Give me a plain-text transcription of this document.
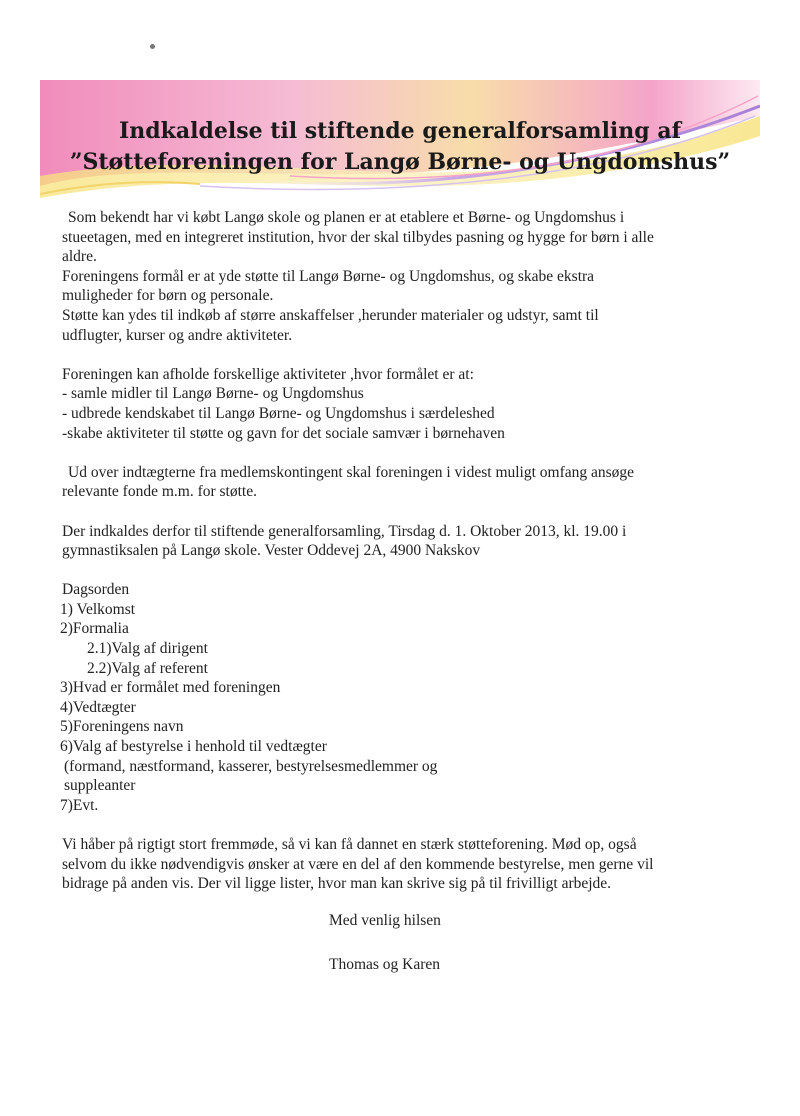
Indkaldelse til stiftende generalforsamling af
”Støtteforeningen for Langø Børne- og Ungdomshus”
Som bekendt har vi købt Langø skole og planen er at etablere et Børne- og Ungdomshus i
stueetagen, med en integreret institution, hvor der skal tilbydes pasning og hygge for børn i alle
aldre.
Foreningens formål er at yde støtte til Langø Børne- og Ungdomshus, og skabe ekstra
muligheder for børn og personale.
Støtte kan ydes til indkøb af større anskaffelser ,herunder materialer og udstyr, samt til
udflugter, kurser og andre aktiviteter.
Foreningen kan afholde forskellige aktiviteter ,hvor formålet er at:
- samle midler til Langø Børne- og Ungdomshus
- udbrede kendskabet til Langø Børne- og Ungdomshus i særdeleshed
-skabe aktiviteter til støtte og gavn for det sociale samvær i børnehaven
Ud over indtægterne fra medlemskontingent skal foreningen i videst muligt omfang ansøge
relevante fonde m.m. for støtte.
Der indkaldes derfor til stiftende generalforsamling, Tirsdag d. 1. Oktober 2013, kl. 19.00 i
gymnastiksalen på Langø skole. Vester Oddevej 2A, 4900 Nakskov
Dagsorden
1) Velkomst
2)Formalia
2.1)Valg af dirigent
2.2)Valg af referent
3)Hvad er formålet med foreningen
4)Vedtægter
5)Foreningens navn
6)Valg af bestyrelse i henhold til vedtægter
(formand, næstformand, kasserer, bestyrelsesmedlemmer og
suppleanter
7)Evt.
Vi håber på rigtigt stort fremmøde, så vi kan få dannet en stærk støtteforening. Mød op, også
selvom du ikke nødvendigvis ønsker at være en del af den kommende bestyrelse, men gerne vil
bidrage på anden vis. Der vil ligge lister, hvor man kan skrive sig på til frivilligt arbejde.
Med venlig hilsen
Thomas og Karen
